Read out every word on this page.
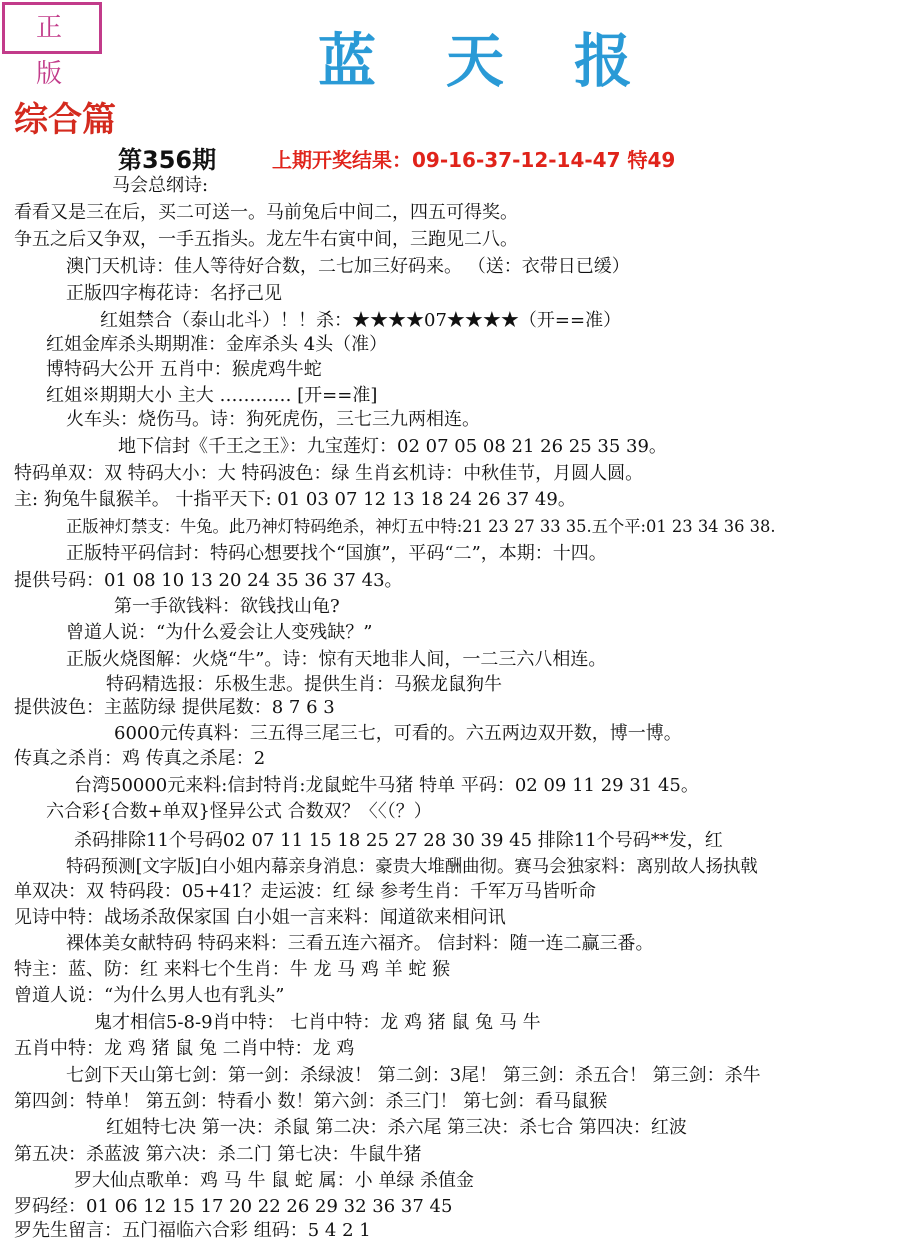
正 版	蓝天报
综合篇
第356期	上期开奖结果：09-16-37-12-14-47 特49
马会总纲诗:
看看又是三在后，买二可送一。马前兔后中间二，四五可得奖。
争五之后又争双，一手五指头。龙左牛右寅中间，三跑见二八。
澳门天机诗：佳人等待好合数，二七加三好码来。 （送：衣带日已缓）
正版四字梅花诗：名抒己见
红姐禁合（泰山北斗）！！杀：★★★★07★★★★（开==准）
红姐金库杀头期期准：金库杀头 4头（准）
博特码大公开 五肖中：猴虎鸡牛蛇
红姐※期期大小 主大 ………… [开==准]
火车头：烧伤马。诗：狗死虎伤，三七三九两相连。
地下信封《千王之王》：九宝莲灯：02 07 05 08 21 26 25 35 39。
特码单双：双 特码大小：大 特码波色：绿 生肖玄机诗：中秋佳节，月圆人圆。
主: 狗兔牛鼠猴羊。 十指平天下: 01 03 07 12 13 18 24 26 37 49。
正版神灯禁支：牛兔。此乃神灯特码绝杀，神灯五中特:21 23 27 33 35.五个平:01 23 34 36 38.
正版特平码信封：特码心想要找个“国旗”，平码“二”，本期：十四。
提供号码：01 08 10 13 20 24 35 36 37 43。
第一手欲钱料：欲钱找山龟?
曾道人说：“为什么爱会让人变残缺？”
正版火烧图解：火烧“牛”。诗：惊有天地非人间，一二三六八相连。
特码精选报：乐极生悲。提供生肖：马猴龙鼠狗牛
提供波色：主蓝防绿 提供尾数：8 7 6 3
6000元传真料：三五得三尾三七，可看的。六五两边双开数，博一博。
传真之杀肖：鸡 传真之杀尾：2
台湾50000元来料:信封特肖:龙鼠蛇牛马猪 特单 平码：02 09 11 29 31 45。
六合彩{合数+单双}怪异公式 合数双？〈〈（？）
杀码排除11个号码02 07 11 15 18 25 27 28 30 39 45 排除11个号码**发，红
特码预测[文字版]白小姐内幕亲身消息：豪贵大堆酬曲彻。赛马会独家料：离别故人扬执戟
单双决：双 特码段：05+41？走运波：红 绿 参考生肖：千军万马皆听命
见诗中特：战场杀敌保家国 白小姐一言来料：闻道欲来相问讯
裸体美女献特码 特码来料：三看五连六福齐。 信封料：随一连二赢三番。
特主：蓝、防：红 来料七个生肖：牛 龙 马 鸡 羊 蛇 猴
曾道人说：“为什么男人也有乳头”
鬼才相信5-8-9肖中特： 七肖中特：龙 鸡 猪 鼠 兔 马 牛
五肖中特：龙 鸡 猪 鼠 兔 二肖中特：龙 鸡
七剑下天山第七剑：第一剑：杀绿波！ 第二剑：3尾！ 第三剑：杀五合！ 第三剑：杀牛
第四剑：特单！ 第五剑：特看小 数！第六剑：杀三门！ 第七剑：看马鼠猴
红姐特七决 第一决：杀鼠 第二决：杀六尾 第三决：杀七合 第四决：红波
第五决：杀蓝波 第六决：杀二门 第七决：牛鼠牛猪
罗大仙点歌单：鸡 马 牛 鼠 蛇 属：小 单绿 杀值金
罗码经：01 06 12 15 17 20 22 26 29 32 36 37 45
罗先生留言：五门福临六合彩 组码：5 4 2 1
